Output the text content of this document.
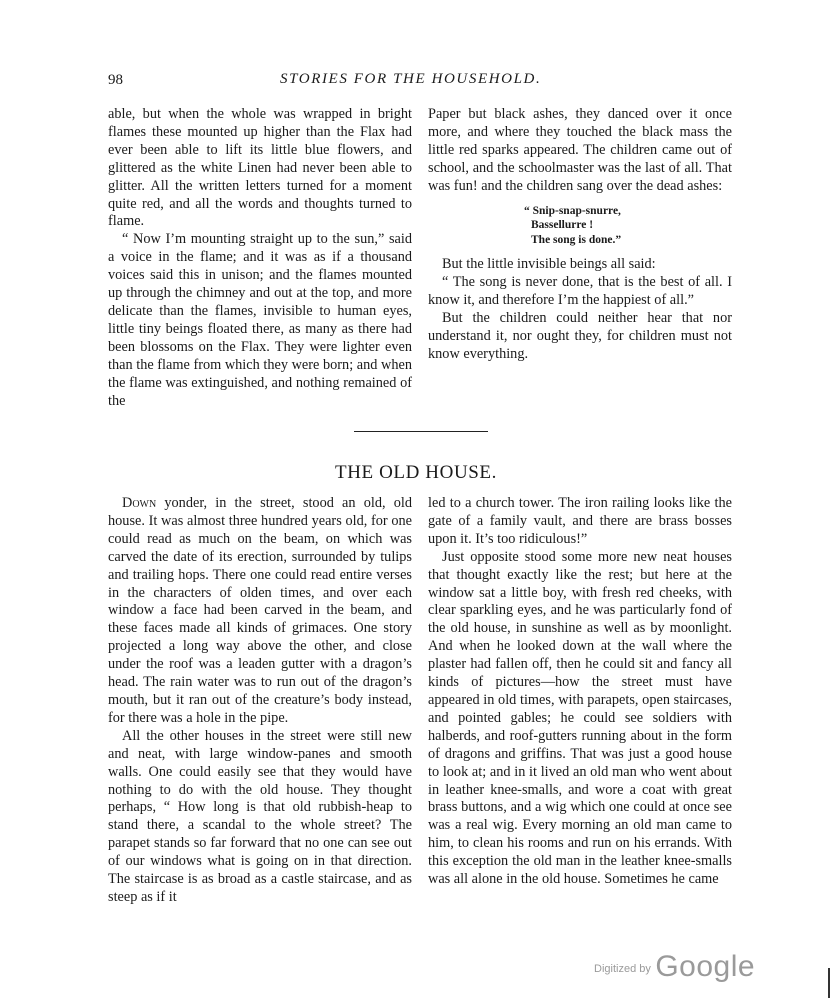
98	STORIES FOR THE HOUSEHOLD.

able, but when the whole was wrapped in bright flames these mounted up higher than the Flax had ever been able to lift its little blue flowers, and glittered as the white Linen had never been able to glitter. All the written letters turned for a moment quite red, and all the words and thoughts turned to flame.

“ Now I’m mounting straight up to the sun,” said a voice in the flame; and it was as if a thousand voices said this in unison; and the flames mounted up through the chimney and out at the top, and more delicate than the flames, invisible to human eyes, little tiny beings floated there, as many as there had been blossoms on the Flax. They were lighter even than the flame from which they were born; and when the flame was extinguished, and nothing remained of the

Paper but black ashes, they danced over it once more, and where they touched the black mass the little red sparks appeared. The children came out of school, and the schoolmaster was the last of all. That was fun! and the children sang over the dead ashes:

“ Snip-snap-snurre,
Bassellurre !
The song is done.”

But the little invisible beings all said:

“ The song is never done, that is the best of all. I know it, and therefore I’m the happiest of all.”

But the children could neither hear that nor understand it, nor ought they, for children must not know everything.

THE OLD HOUSE.

Down yonder, in the street, stood an old, old house. It was almost three hundred years old, for one could read as much on the beam, on which was carved the date of its erection, surrounded by tulips and trailing hops. There one could read entire verses in the characters of olden times, and over each window a face had been carved in the beam, and these faces made all kinds of grimaces. One story projected a long way above the other, and close under the roof was a leaden gutter with a dragon’s head. The rain water was to run out of the dragon’s mouth, but it ran out of the creature’s body instead, for there was a hole in the pipe.

All the other houses in the street were still new and neat, with large window-panes and smooth walls. One could easily see that they would have nothing to do with the old house. They thought perhaps, “ How long is that old rubbish-heap to stand there, a scandal to the whole street? The parapet stands so far forward that no one can see out of our windows what is going on in that direction. The staircase is as broad as a castle staircase, and as steep as if it

led to a church tower. The iron railing looks like the gate of a family vault, and there are brass bosses upon it. It’s too ridiculous!”

Just opposite stood some more new neat houses that thought exactly like the rest; but here at the window sat a little boy, with fresh red cheeks, with clear sparkling eyes, and he was particularly fond of the old house, in sunshine as well as by moonlight. And when he looked down at the wall where the plaster had fallen off, then he could sit and fancy all kinds of pictures—how the street must have appeared in old times, with parapets, open staircases, and pointed gables; he could see soldiers with halberds, and roof-gutters running about in the form of dragons and griffins. That was just a good house to look at; and in it lived an old man who went about in leather knee-smalls, and wore a coat with great brass buttons, and a wig which one could at once see was a real wig. Every morning an old man came to him, to clean his rooms and run on his errands. With this exception the old man in the leather knee-smalls was all alone in the old house. Sometimes he came

$^{Digitized by}$ Google
